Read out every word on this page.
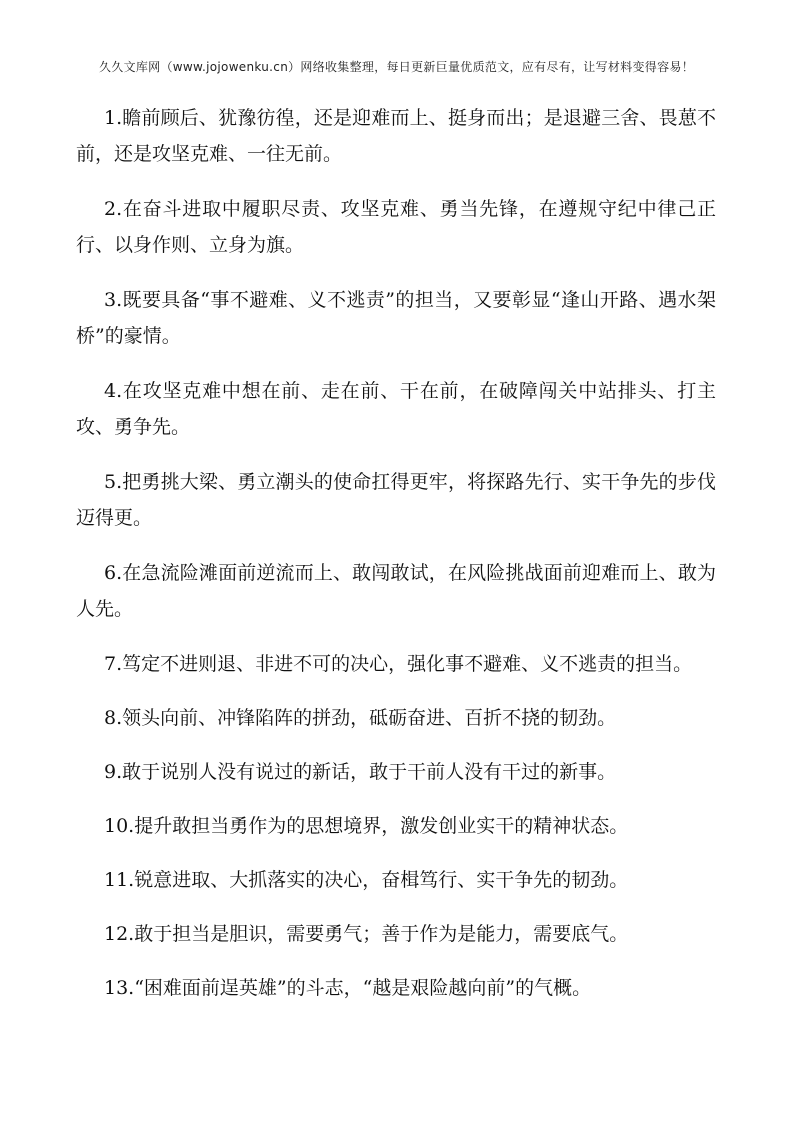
久久文库网（www.jojowenku.cn）网络收集整理，每日更新巨量优质范文，应有尽有，让写材料变得容易！

1.瞻前顾后、犹豫彷徨，还是迎难而上、挺身而出；是退避三舍、畏葸不前，还是攻坚克难、一往无前。

2.在奋斗进取中履职尽责、攻坚克难、勇当先锋，在遵规守纪中律己正行、以身作则、立身为旗。

3.既要具备“事不避难、义不逃责”的担当，又要彰显“逢山开路、遇水架桥”的豪情。

4.在攻坚克难中想在前、走在前、干在前，在破障闯关中站排头、打主攻、勇争先。

5.把勇挑大梁、勇立潮头的使命扛得更牢，将探路先行、实干争先的步伐迈得更。

6.在急流险滩面前逆流而上、敢闯敢试，在风险挑战面前迎难而上、敢为人先。

7.笃定不进则退、非进不可的决心，强化事不避难、义不逃责的担当。

8.领头向前、冲锋陷阵的拼劲，砥砺奋进、百折不挠的韧劲。

9.敢于说别人没有说过的新话，敢于干前人没有干过的新事。

10.提升敢担当勇作为的思想境界，激发创业实干的精神状态。

11.锐意进取、大抓落实的决心，奋楫笃行、实干争先的韧劲。

12.敢于担当是胆识，需要勇气；善于作为是能力，需要底气。

13.“困难面前逞英雄”的斗志，“越是艰险越向前”的气概。
